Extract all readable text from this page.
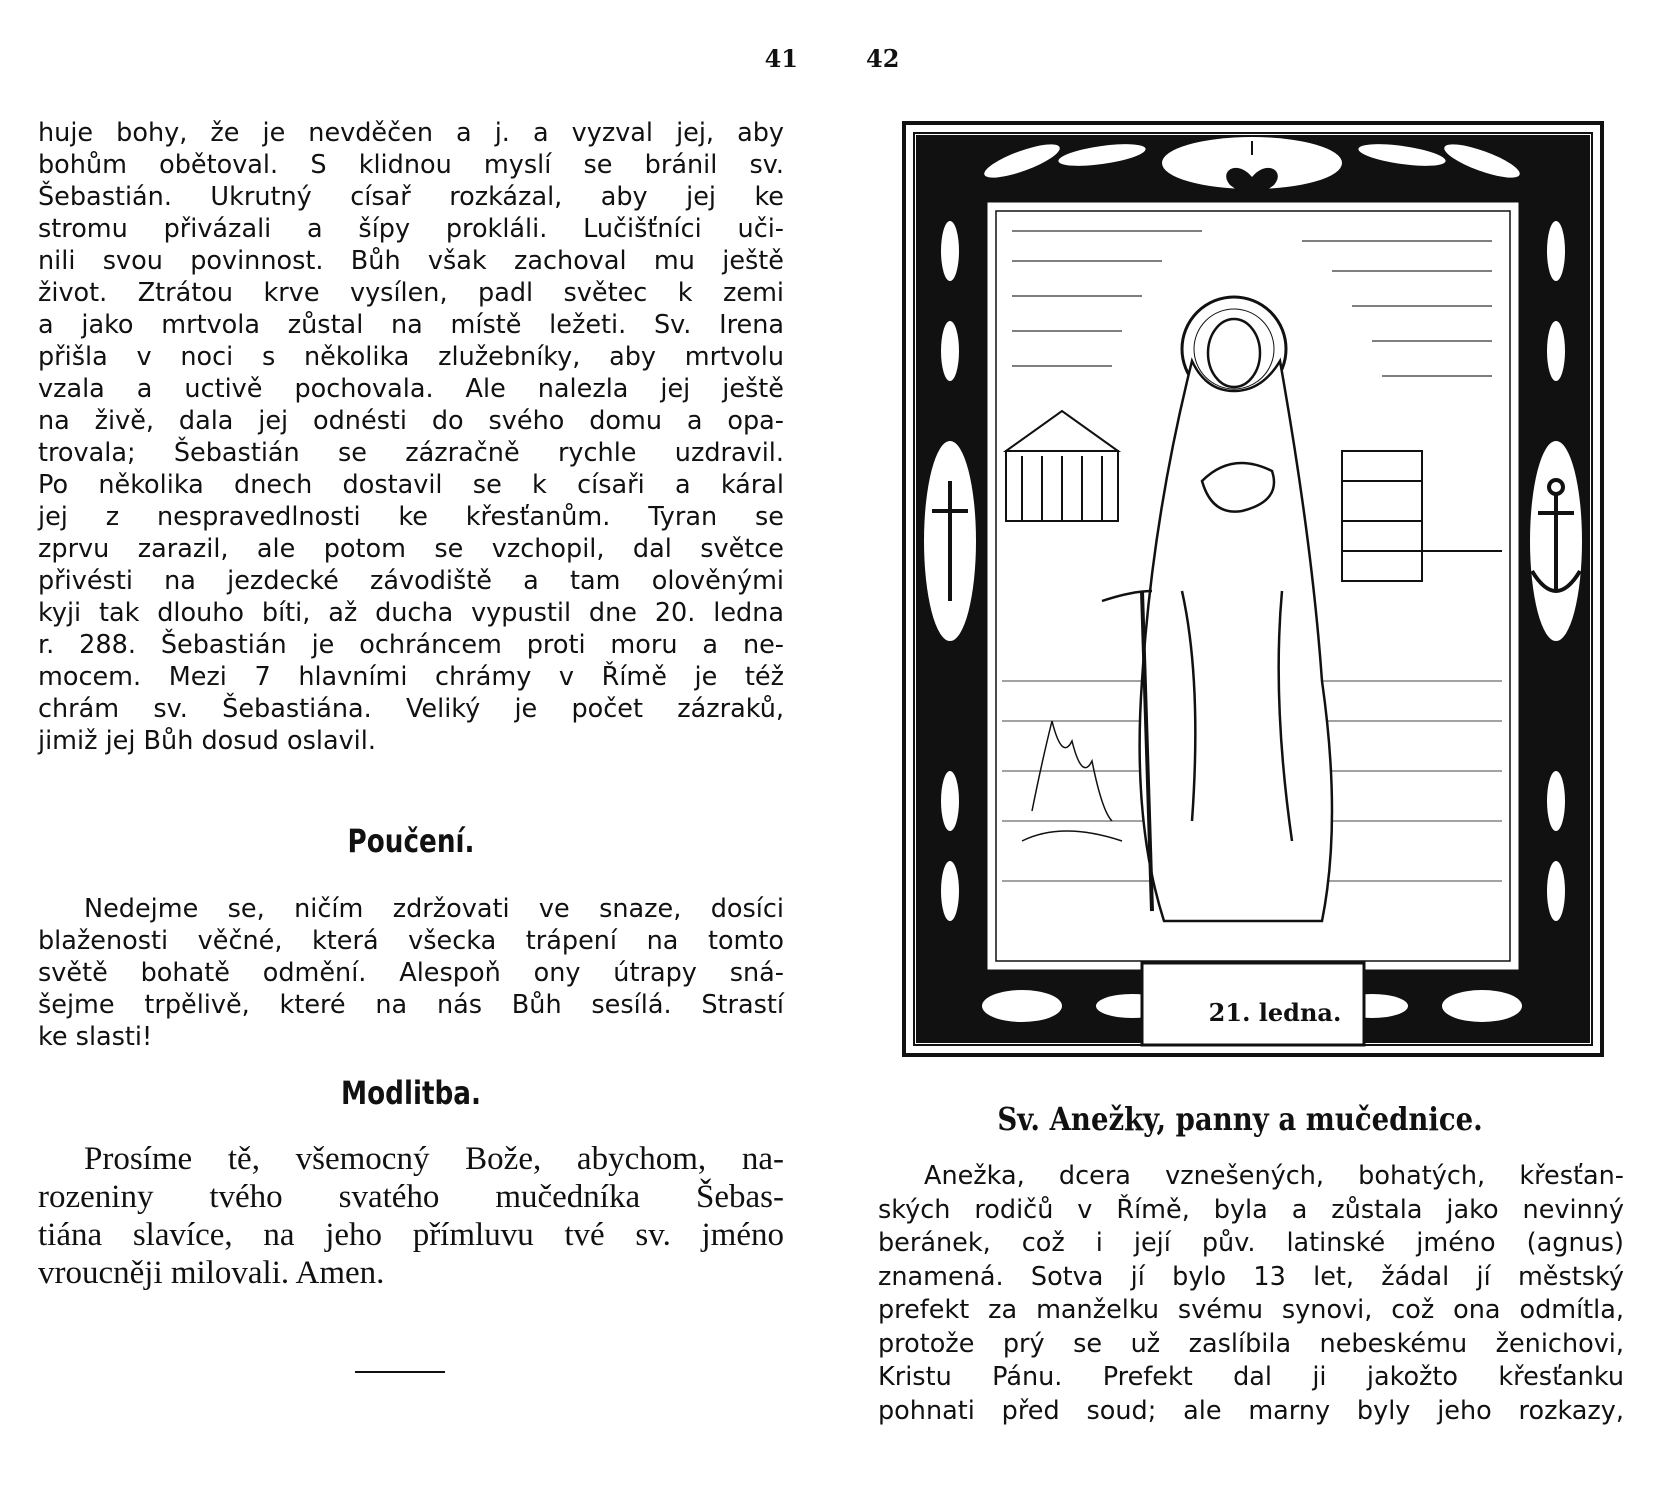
41
huje bohy, že je nevděčen a j. a vyzval jej, aby
bohům obětoval. S klidnou myslí se bránil sv.
Šebastián. Ukrutný císař rozkázal, aby jej ke
stromu přivázali a šípy prokláli. Lučišťníci uči-
nili svou povinnost. Bůh však zachoval mu ještě
život. Ztrátou krve vysílen, padl světec k zemi
a jako mrtvola zůstal na místě ležeti. Sv. Irena
přišla v noci s několika zlužebníky, aby mrtvolu
vzala a uctivě pochovala. Ale nalezla jej ještě
na živě, dala jej odnésti do svého domu a opa-
trovala; Šebastián se zázračně rychle uzdravil.
Po několika dnech dostavil se k císaři a káral
jej z nespravedlnosti ke křesťanům. Tyran se
zprvu zarazil, ale potom se vzchopil, dal světce
přivésti na jezdecké závodiště a tam olověnými
kyji tak dlouho bíti, až ducha vypustil dne 20. ledna
r. 288. Šebastián je ochráncem proti moru a ne-
mocem. Mezi 7 hlavními chrámy v Římě je též
chrám sv. Šebastiána. Veliký je počet zázraků,
jimiž jej Bůh dosud oslavil.
Poučení.
Nedejme se, ničím zdržovati ve snaze, dosíci
blaženosti věčné, která všecka trápení na tomto
světě bohatě odmění. Alespoň ony útrapy sná-
šejme trpělivě, které na nás Bůh sesílá. Strastí
ke slasti!
Modlitba.
Prosíme tě, všemocný Bože, abychom, na-
rozeniny tvého svatého mučedníka Šebas-
tiána slavíce, na jeho přímluvu tvé sv. jméno
vroucněji milovali. Amen.
42
21. ledna.
Sv. Anežky, panny a mučednice.
Anežka, dcera vznešených, bohatých, křesťan-
ských rodičů v Římě, byla a zůstala jako nevinný
beránek, což i její pův. latinské jméno (agnus)
znamená. Sotva jí bylo 13 let, žádal jí městský
prefekt za manželku svému synovi, což ona odmítla,
protože prý se už zaslíbila nebeskému ženichovi,
Kristu Pánu. Prefekt dal ji jakožto křesťanku
pohnati před soud; ale marny byly jeho rozkazy,
